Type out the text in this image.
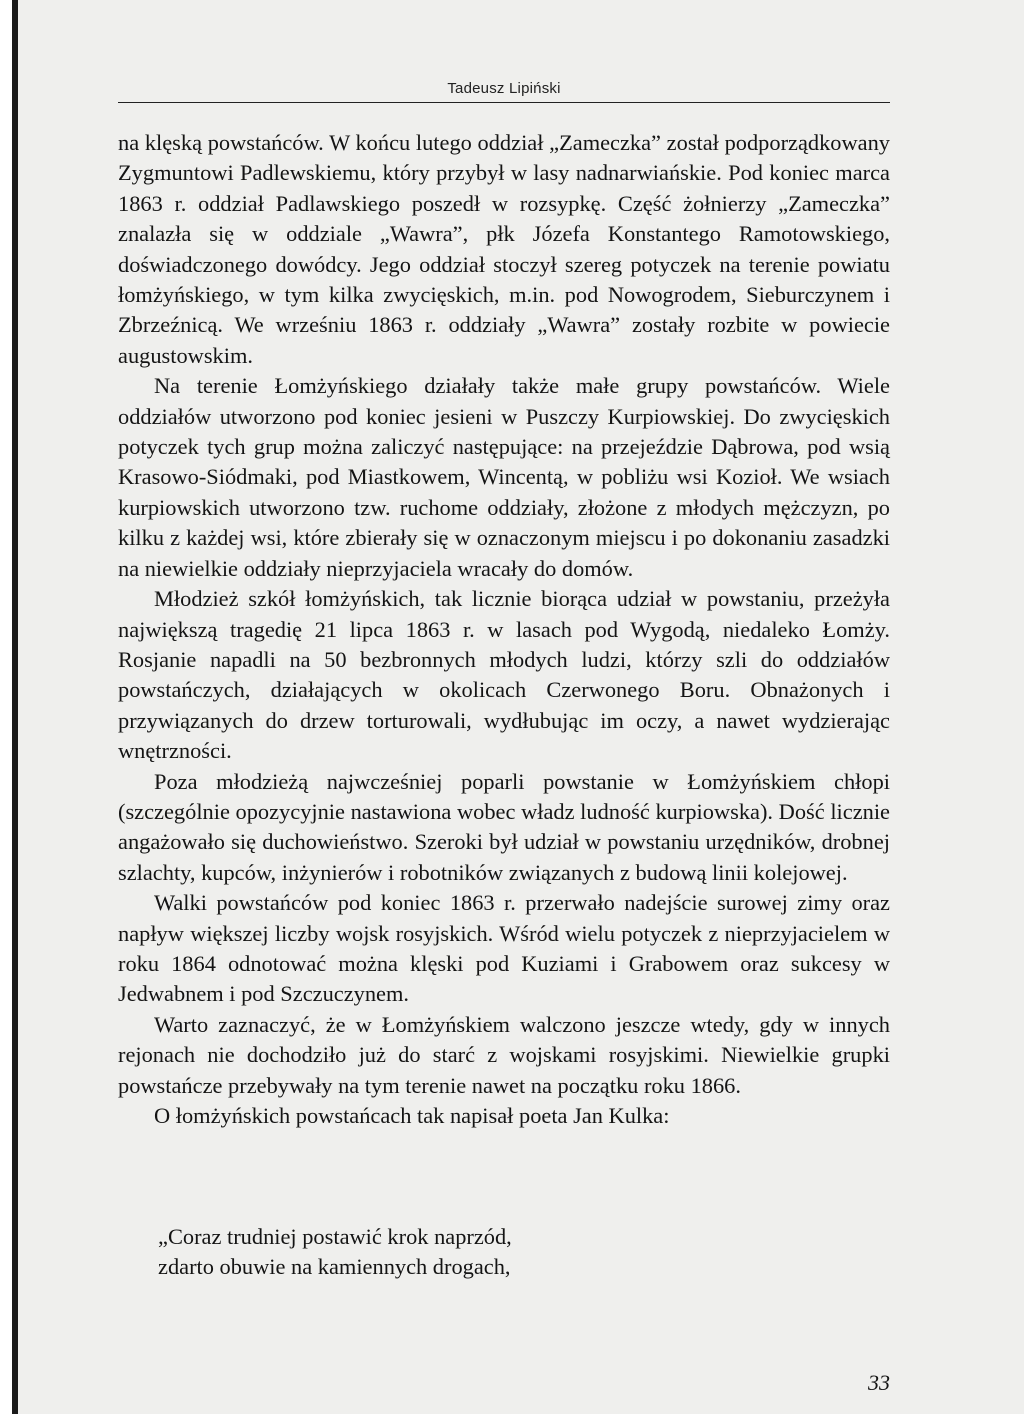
Tadeusz Lipiński

na klęską powstańców. W końcu lutego oddział „Zameczka” został podporządkowany Zygmuntowi Padlewskiemu, który przybył w lasy nadnarwiańskie. Pod koniec marca 1863 r. oddział Padlawskiego poszedł w rozsypkę. Część żołnierzy „Zameczka” znalazła się w oddziale „Wawra”, płk Józefa Konstantego Ramotowskiego, doświadczonego dowódcy. Jego oddział stoczył szereg potyczek na terenie powiatu łomżyńskiego, w tym kilka zwycięskich, m.in. pod Nowogrodem, Sieburczynem i Zbrzeźnicą. We wrześniu 1863 r. oddziały „Wawra” zostały rozbite w powiecie augustowskim.

Na terenie Łomżyńskiego działały także małe grupy powstańców. Wiele oddziałów utworzono pod koniec jesieni w Puszczy Kurpiowskiej. Do zwycięskich potyczek tych grup można zaliczyć następujące: na przejeździe Dąbrowa, pod wsią Krasowo-Siódmaki, pod Miastkowem, Wincentą, w pobliżu wsi Kozioł. We wsiach kurpiowskich utworzono tzw. ruchome oddziały, złożone z młodych mężczyzn, po kilku z każdej wsi, które zbierały się w oznaczonym miejscu i po dokonaniu zasadzki na niewielkie oddziały nieprzyjaciela wracały do domów.

Młodzież szkół łomżyńskich, tak licznie biorąca udział w powstaniu, przeżyła największą tragedię 21 lipca 1863 r. w lasach pod Wygodą, niedaleko Łomży. Rosjanie napadli na 50 bezbronnych młodych ludzi, którzy szli do oddziałów powstańczych, działających w okolicach Czerwonego Boru. Obnażonych i przywiązanych do drzew torturowali, wydłubując im oczy, a nawet wydzierając wnętrzności.

Poza młodzieżą najwcześniej poparli powstanie w Łomżyńskiem chłopi (szczególnie opozycyjnie nastawiona wobec władz ludność kurpiowska). Dość licznie angażowało się duchowieństwo. Szeroki był udział w powstaniu urzędników, drobnej szlachty, kupców, inżynierów i robotników związanych z budową linii kolejowej.

Walki powstańców pod koniec 1863 r. przerwało nadejście surowej zimy oraz napływ większej liczby wojsk rosyjskich. Wśród wielu potyczek z nieprzyjacielem w roku 1864 odnotować można klęski pod Kuziami i Grabowem oraz sukcesy w Jedwabnem i pod Szczuczynem.

Warto zaznaczyć, że w Łomżyńskiem walczono jeszcze wtedy, gdy w innych rejonach nie dochodziło już do starć z wojskami rosyjskimi. Niewielkie grupki powstańcze przebywały na tym terenie nawet na początku roku 1866.

O łomżyńskich powstańcach tak napisał poeta Jan Kulka:

„Coraz trudniej postawić krok naprzód,

zdarto obuwie na kamiennych drogach,

33
